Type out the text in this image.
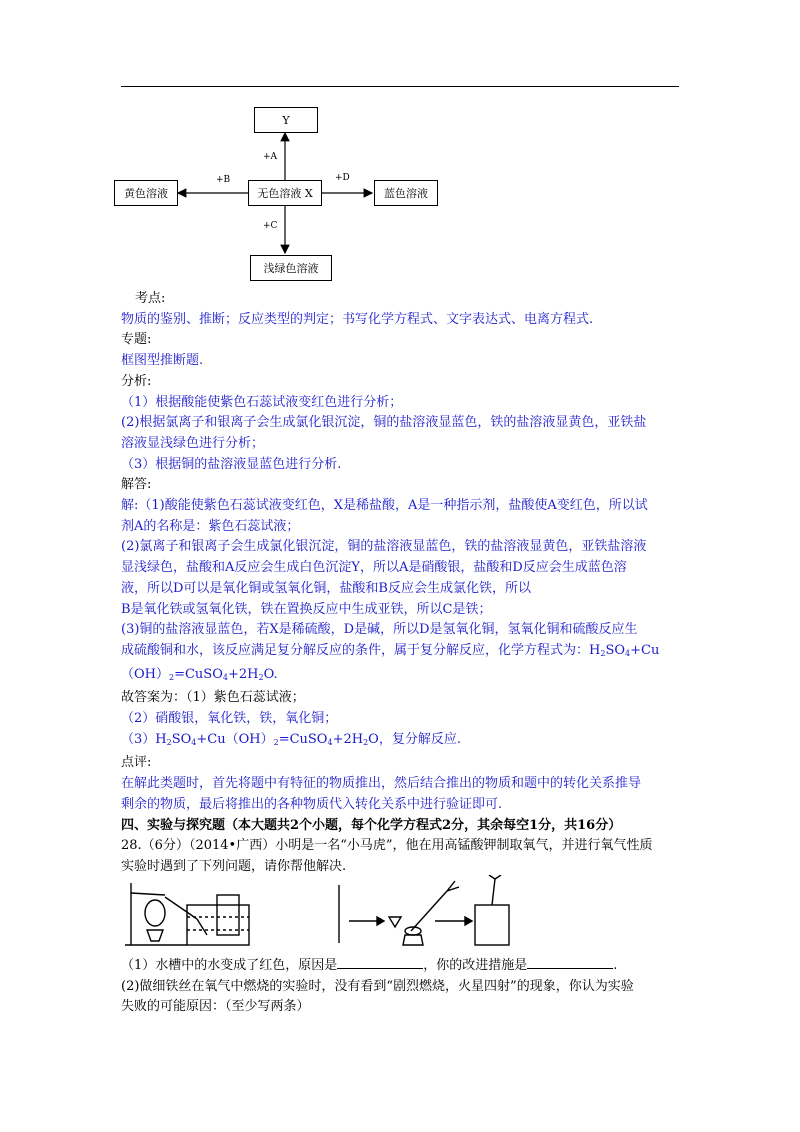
Y
无色溶液 X
黄色溶液	蓝色溶液
浅绿色溶液
+A
+B	+D
+C
考点:
物质的鉴别、推断；反应类型的判定；书写化学方程式、文字表达式、电离方程式.
专题:
框图型推断题.
分析:
（1）根据酸能使紫色石蕊试液变红色进行分析；
(2)根据氯离子和银离子会生成氯化银沉淀，铜的盐溶液显蓝色，铁的盐溶液显黄色，亚铁盐
溶液显浅绿色进行分析；
（3）根据铜的盐溶液显蓝色进行分析.
解答:
解:（1)酸能使紫色石蕊试液变红色，X是稀盐酸，A是一种指示剂，盐酸使A变红色，所以试
剂A的名称是：紫色石蕊试液；
(2)氯离子和银离子会生成氯化银沉淀，铜的盐溶液显蓝色，铁的盐溶液显黄色，亚铁盐溶液
显浅绿色，盐酸和A反应会生成白色沉淀Y，所以A是硝酸银，盐酸和D反应会生成蓝色溶
液，所以D可以是氧化铜或氢氧化铜，盐酸和B反应会生成氯化铁，所以
B是氧化铁或氢氧化铁，铁在置换反应中生成亚铁，所以C是铁；
(3)铜的盐溶液显蓝色，若X是稀硫酸，D是碱，所以D是氢氧化铜，氢氧化铜和硫酸反应生
成硫酸铜和水，该反应满足复分解反应的条件，属于复分解反应，化学方程式为：$H_2SO_4+Cu$
$(OH)_2=CuSO_4+2H_2O$.
故答案为：（1）紫色石蕊试液；
（2）硝酸银，氧化铁，铁，氧化铜；
$(3)H_2SO_4+Cu(OH)_2=CuSO_4+2H_2O$，复分解反应.
点评:
在解此类题时，首先将题中有特征的物质推出，然后结合推出的物质和题中的转化关系推导
剩余的物质，最后将推出的各种物质代入转化关系中进行验证即可.
四、实验与探究题（本大题共2个小题，每个化学方程式2分，其余每空1分，共16分）
28.（6分）（2014•广西）小明是一名“小马虎”，他在用高锰酸钾制取氧气，并进行氧气性质
实验时遇到了下列问题，请你帮他解决.
（1）水槽中的水变成了红色，原因是	，你的改进措施是	.
(2)做细铁丝在氧气中燃烧的实验时，没有看到“剧烈燃烧，火星四射”的现象，你认为实验
失败的可能原因：（至少写两条）
